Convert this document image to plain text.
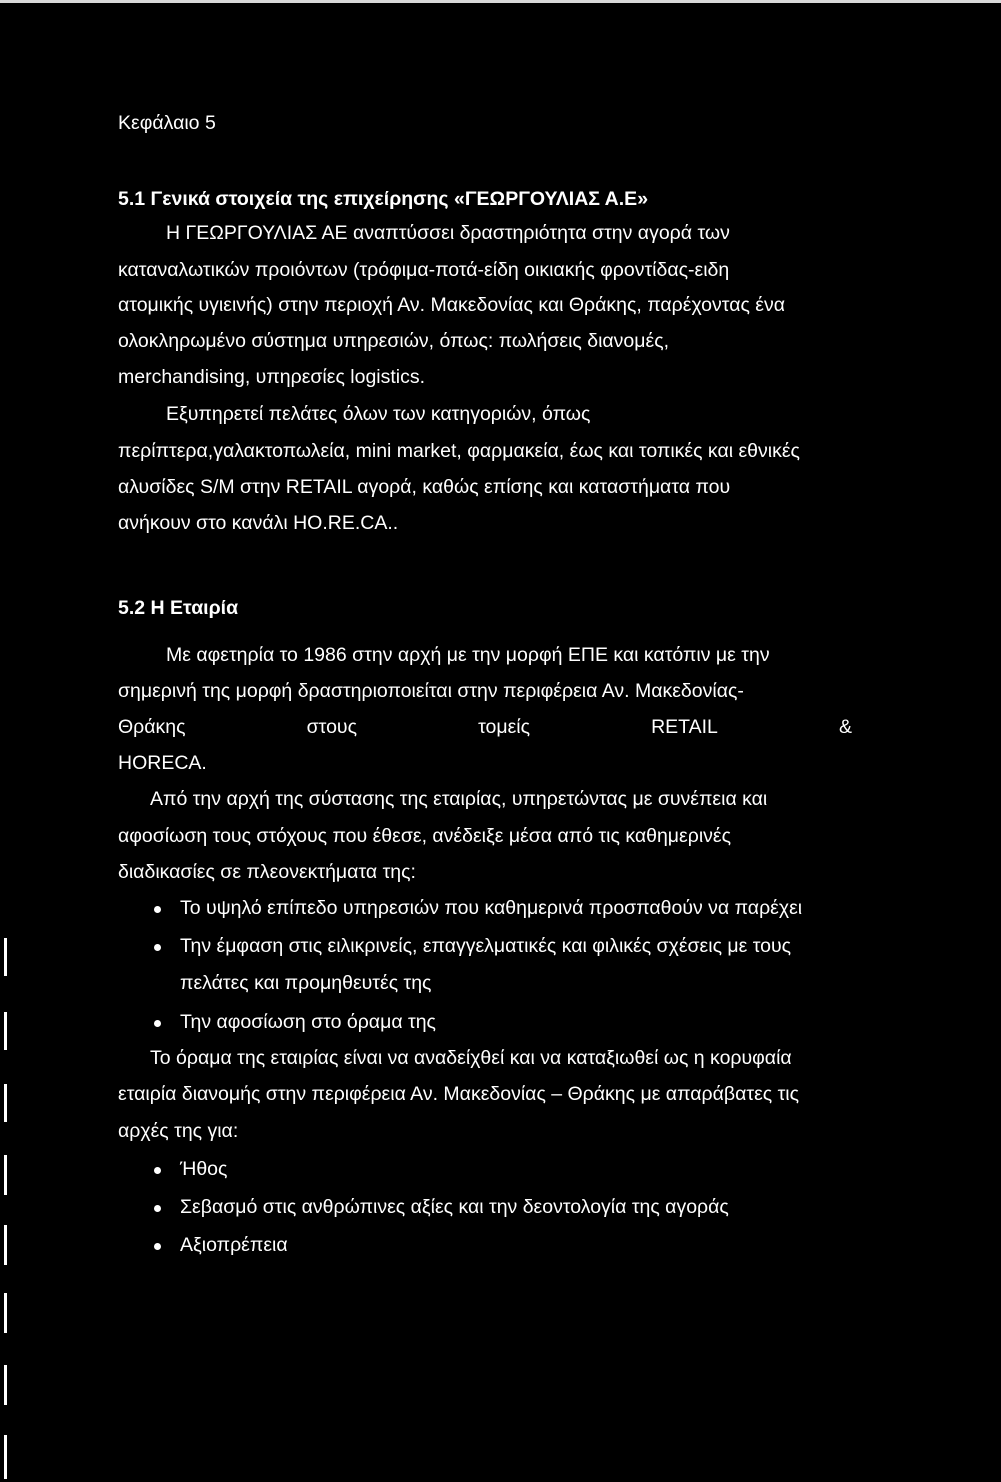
Κεφάλαιο 5
5.1 Γενικά στοιχεία της επιχείρησης «ΓΕΩΡΓΟΥΛΙΑΣ Α.Ε»
Η ΓΕΩΡΓΟΥΛΙΑΣ ΑΕ αναπτύσσει δραστηριότητα στην αγορά των
καταναλωτικών προιόντων (τρόφιμα-ποτά-είδη οικιακής φροντίδας-ειδη
ατομικής υγιεινής) στην περιοχή Αν. Μακεδονίας και Θράκης, παρέχοντας ένα
ολοκληρωμένο σύστημα υπηρεσιών, όπως: πωλήσεις διανομές,
merchandising, υπηρεσίες logistics.
Εξυπηρετεί πελάτες όλων των κατηγοριών, όπως
περίπτερα,γαλακτοπωλεία, mini market, φαρμακεία, έως και τοπικές και εθνικές
αλυσίδες S/M στην RETAIL αγορά, καθώς επίσης και καταστήματα που
ανήκουν στο κανάλι HO.RE.CA..
5.2 Η Εταιρία
Με αφετηρία το 1986 στην αρχή με την μορφή ΕΠΕ και κατόπιν με την
σημερινή της μορφή δραστηριοποιείται στην περιφέρεια Αν. Μακεδονίας-
Θράκης	στους	τομείς	RETAIL	&
HORECA.
Από την αρχή της σύστασης της εταιρίας, υπηρετώντας με συνέπεια και
αφοσίωση τους στόχους που έθεσε, ανέδειξε μέσα από τις καθημερινές
διαδικασίες σε πλεονεκτήματα της:
Το υψηλό επίπεδο υπηρεσιών που καθημερινά προσπαθούν να παρέχει
Την έμφαση στις ειλικρινείς, επαγγελματικές και φιλικές σχέσεις με τους
πελάτες και προμηθευτές της
Την αφοσίωση στο όραμα της
Το όραμα της εταιρίας είναι να αναδείχθεί και να καταξιωθεί ως η κορυφαία
εταιρία διανομής στην περιφέρεια Αν. Μακεδονίας – Θράκης με απαράβατες τις
αρχές της για:
Ήθος
Σεβασμό στις ανθρώπινες αξίες και την δεοντολογία της αγοράς
Αξιοπρέπεια
